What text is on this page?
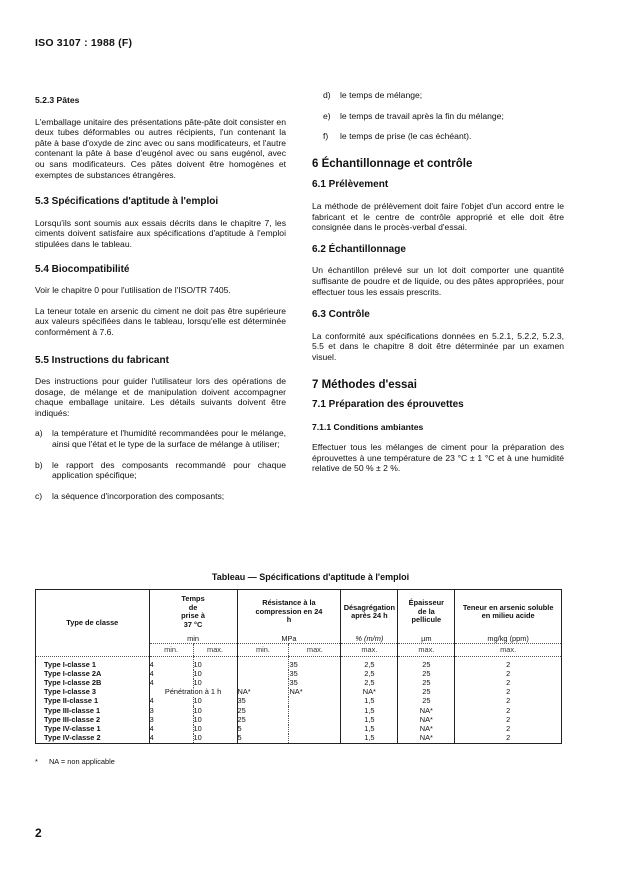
ISO 3107 : 1988 (F)
5.2.3 Pâtes

L'emballage unitaire des présentations pâte-pâte doit consister en deux tubes déformables ou autres récipients, l'un contenant la pâte à base d'oxyde de zinc avec ou sans modificateurs, et l'autre contenant la pâte à base d'eugénol avec ou sans eugénol, avec ou sans modificateurs. Ces pâtes doivent être homogènes et exemptes de substances étrangères.

5.3 Spécifications d'aptitude à l'emploi

Lorsqu'ils sont soumis aux essais décrits dans le chapitre 7, les ciments doivent satisfaire aux spécifications d'aptitude à l'emploi stipulées dans le tableau.

5.4 Biocompatibilité

Voir le chapitre 0 pour l'utilisation de l'ISO/TR 7405.

La teneur totale en arsenic du ciment ne doit pas être supérieure aux valeurs spécifiées dans le tableau, lorsqu'elle est déterminée conformément à 7.6.

5.5 Instructions du fabricant

Des instructions pour guider l'utilisateur lors des opérations de dosage, de mélange et de manipulation doivent accompagner chaque emballage unitaire. Les détails suivants doivent être indiqués:

a)	la température et l'humidité recommandées pour le mélange, ainsi que l'état et le type de la surface de mélange à utiliser;
b)	le rapport des composants recommandé pour chaque application spécifique;
c)	la séquence d'incorporation des composants;
d)	le temps de mélange;
e)	le temps de travail après la fin du mélange;
f)	le temps de prise (le cas échéant).
6 Échantillonnage et contrôle
6.1 Prélèvement

La méthode de prélèvement doit faire l'objet d'un accord entre le fabricant et le centre de contrôle approprié et elle doit être consignée dans le procès-verbal d'essai.

6.2 Échantillonnage

Un échantillon prélevé sur un lot doit comporter une quantité suffisante de poudre et de liquide, ou des pâtes appropriées, pour effectuer tous les essais prescrits.

6.3 Contrôle

La conformité aux spécifications données en 5.2.1, 5.2.2, 5.2.3, 5.5 et dans le chapitre 8 doit être déterminée par un examen visuel.

7 Méthodes d'essai
7.1 Préparation des éprouvettes
7.1.1 Conditions ambiantes

Effectuer tous les mélanges de ciment pour la préparation des éprouvettes à une température de 23 °C ± 1 °C et à une humidité relative de 50 % ± 2 %.

Tableau — Spécifications d'aptitude à l'emploi
Type de classe	Temps de prise à 37 °C		Résistance à la compression en 24 h		Désagrégation après 24 h	Épaisseur de la pellicule	Teneur en arsenic soluble en milieu acide
	min		MPa		% (m/m)	µm	mg/kg (ppm)
	min.	max.	min.	max.	max.	max.	max.
Type I-classe 1	4	10		35	2,5	25	2
Type I-classe 2A	4	10		35	2,5	25	2
Type I-classe 2B	4	10		35	2,5	25	2
Type I-classe 3	Pénétration à 1 h		NA*	NA*	NA*	25	2
Type II-classe 1	4	10	35		1,5	25	2
Type III-classe 1	3	10	25		1,5	NA*	2
Type III-classe 2	3	10	25		1,5	NA*	2
Type IV-classe 1	4	10	5		1,5	NA*	2
Type IV-classe 2	4	10	5		1,5	NA*	2
* NA = non applicable
2
